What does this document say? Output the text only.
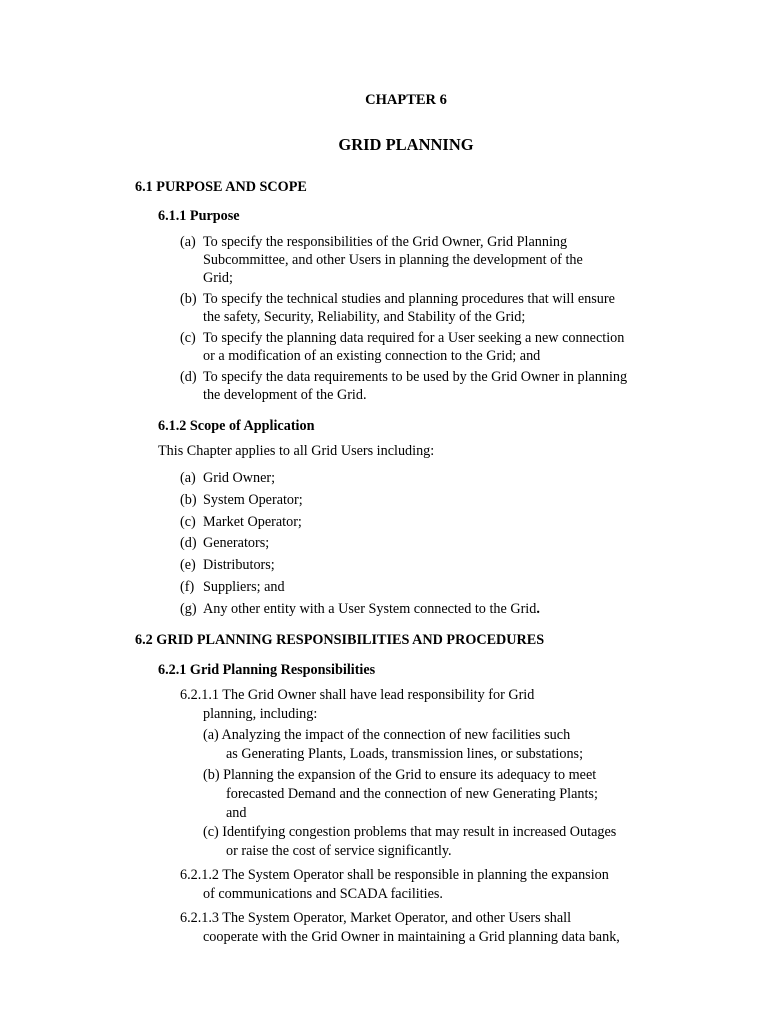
CHAPTER 6
GRID PLANNING
6.1 PURPOSE AND SCOPE
6.1.1 Purpose
(a) To specify the responsibilities of the Grid Owner, Grid Planning
Subcommittee, and other Users in planning the development of the
Grid;
(b) To specify the technical studies and planning procedures that will ensure
the safety, Security, Reliability, and Stability of the Grid;
(c) To specify the planning data required for a User seeking a new connection
or a modification of an existing connection to the Grid; and
(d) To specify the data requirements to be used by the Grid Owner in planning
the development of the Grid.
6.1.2 Scope of Application
This Chapter applies to all Grid Users including:
(a) Grid Owner;
(b) System Operator;
(c) Market Operator;
(d) Generators;
(e) Distributors;
(f) Suppliers; and
(g) Any other entity with a User System connected to the Grid.
6.2 GRID PLANNING RESPONSIBILITIES AND PROCEDURES
6.2.1 Grid Planning Responsibilities
6.2.1.1 The Grid Owner shall have lead responsibility for Grid
planning, including:
(a) Analyzing the impact of the connection of new facilities such
as Generating Plants, Loads, transmission lines, or substations;
(b) Planning the expansion of the Grid to ensure its adequacy to meet
forecasted Demand and the connection of new Generating Plants;
and
(c) Identifying congestion problems that may result in increased Outages
or raise the cost of service significantly.
6.2.1.2 The System Operator shall be responsible in planning the expansion
of communications and SCADA facilities.
6.2.1.3 The System Operator, Market Operator, and other Users shall
cooperate with the Grid Owner in maintaining a Grid planning data bank,
